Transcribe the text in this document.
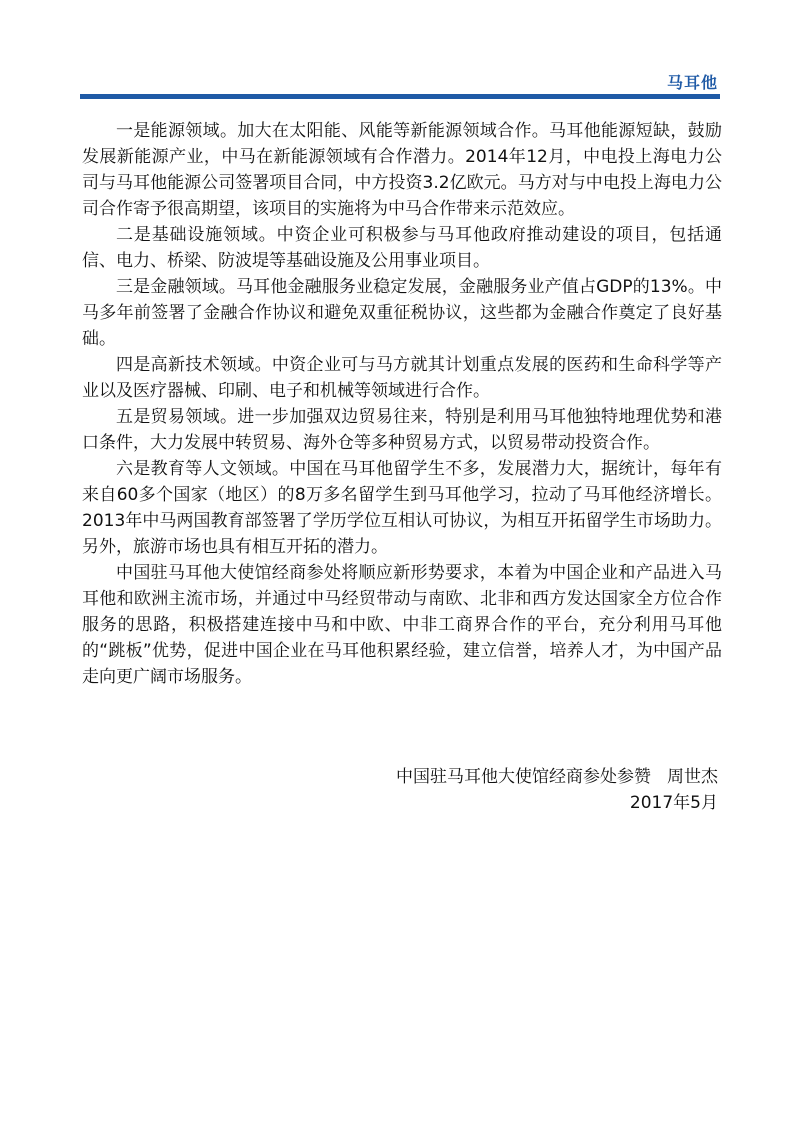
马耳他

一是能源领域。加大在太阳能、风能等新能源领域合作。马耳他能源短缺，鼓励发展新能源产业，中马在新能源领域有合作潜力。2014年12月，中电投上海电力公司与马耳他能源公司签署项目合同，中方投资3.2亿欧元。马方对与中电投上海电力公司合作寄予很高期望，该项目的实施将为中马合作带来示范效应。

二是基础设施领域。中资企业可积极参与马耳他政府推动建设的项目，包括通信、电力、桥梁、防波堤等基础设施及公用事业项目。

三是金融领域。马耳他金融服务业稳定发展，金融服务业产值占GDP的13%。中马多年前签署了金融合作协议和避免双重征税协议，这些都为金融合作奠定了良好基础。

四是高新技术领域。中资企业可与马方就其计划重点发展的医药和生命科学等产业以及医疗器械、印刷、电子和机械等领域进行合作。

五是贸易领域。进一步加强双边贸易往来，特别是利用马耳他独特地理优势和港口条件，大力发展中转贸易、海外仓等多种贸易方式，以贸易带动投资合作。

六是教育等人文领域。中国在马耳他留学生不多，发展潜力大，据统计，每年有来自60多个国家（地区）的8万多名留学生到马耳他学习，拉动了马耳他经济增长。2013年中马两国教育部签署了学历学位互相认可协议，为相互开拓留学生市场助力。另外，旅游市场也具有相互开拓的潜力。

中国驻马耳他大使馆经商参处将顺应新形势要求，本着为中国企业和产品进入马耳他和欧洲主流市场，并通过中马经贸带动与南欧、北非和西方发达国家全方位合作服务的思路，积极搭建连接中马和中欧、中非工商界合作的平台，充分利用马耳他的“跳板”优势，促进中国企业在马耳他积累经验，建立信誉，培养人才，为中国产品走向更广阔市场服务。

中国驻马耳他大使馆经商参处参赞 周世杰
2017年5月
